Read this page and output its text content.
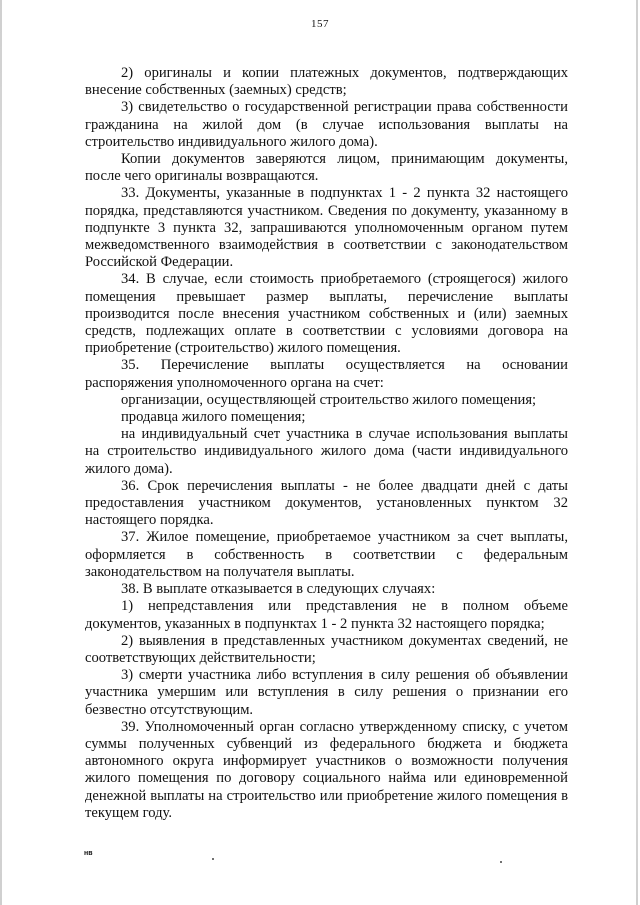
157

2) оригиналы и копии платежных документов, подтверждающих внесение собственных (заемных) средств;

3) свидетельство о государственной регистрации права собственности гражданина на жилой дом (в случае использования выплаты на строительство индивидуального жилого дома).

Копии документов заверяются лицом, принимающим документы, после чего оригиналы возвращаются.

33. Документы, указанные в подпунктах 1 - 2 пункта 32 настоящего порядка, представляются участником. Сведения по документу, указанному в подпункте 3 пункта 32, запрашиваются уполномоченным органом путем межведомственного взаимодействия в соответствии с законодательством Российской Федерации.

34. В случае, если стоимость приобретаемого (строящегося) жилого помещения превышает размер выплаты, перечисление выплаты производится после внесения участником собственных и (или) заемных средств, подлежащих оплате в соответствии с условиями договора на приобретение (строительство) жилого помещения.

35. Перечисление выплаты осуществляется на основании распоряжения уполномоченного органа на счет:

организации, осуществляющей строительство жилого помещения;

продавца жилого помещения;

на индивидуальный счет участника в случае использования выплаты на строительство индивидуального жилого дома (части индивидуального жилого дома).

36. Срок перечисления выплаты - не более двадцати дней с даты предоставления участником документов, установленных пунктом 32 настоящего порядка.

37. Жилое помещение, приобретаемое участником за счет выплаты, оформляется в собственность в соответствии с федеральным законодательством на получателя выплаты.

38. В выплате отказывается в следующих случаях:

1) непредставления или представления не в полном объеме документов, указанных в подпунктах 1 - 2 пункта 32 настоящего порядка;

2) выявления в представленных участником документах сведений, не соответствующих действительности;

3) смерти участника либо вступления в силу решения об объявлении участника умершим или вступления в силу решения о признании его безвестно отсутствующим.

39. Уполномоченный орган согласно утвержденному списку, с учетом суммы полученных субвенций из федерального бюджета и бюджета автономного округа информирует участников о возможности получения жилого помещения по договору социального найма или единовременной денежной выплаты на строительство или приобретение жилого помещения в текущем году.

нв
